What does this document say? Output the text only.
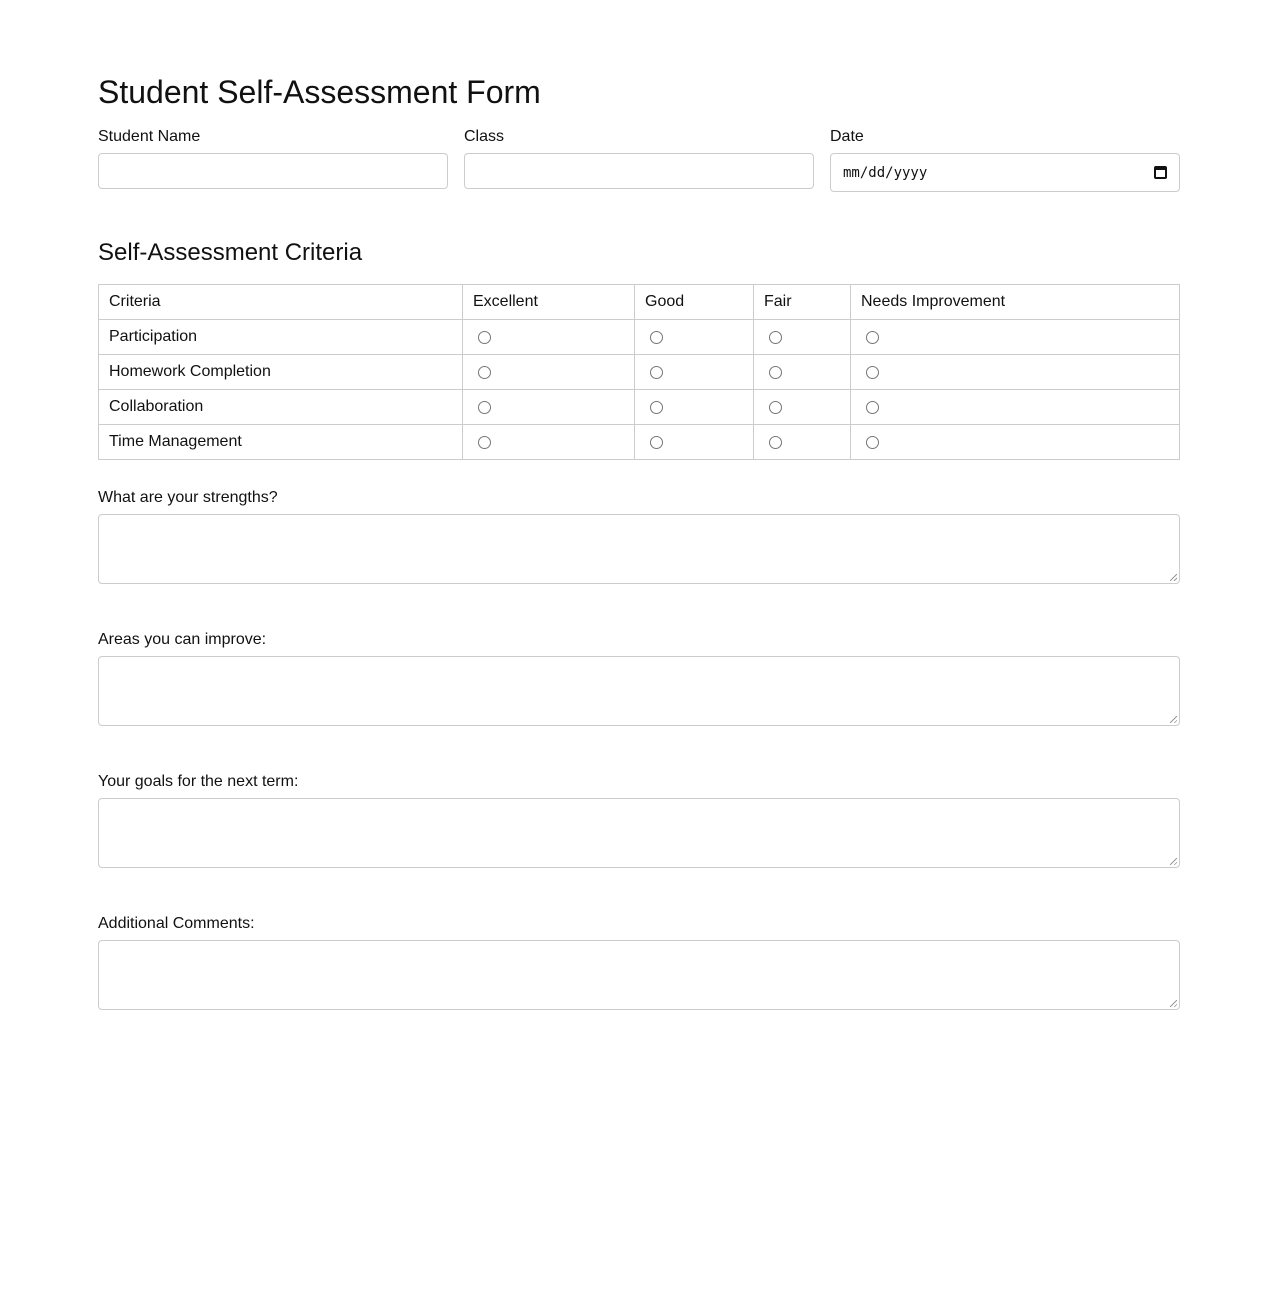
Student Self-Assessment Form
Student Name	Class	Date
mm/dd/yyyy
Self-Assessment Criteria
Criteria	Excellent	Good	Fair	Needs Improvement
Participation				
Homework Completion				
Collaboration				
Time Management				
What are your strengths?
Areas you can improve:
Your goals for the next term:
Additional Comments:
